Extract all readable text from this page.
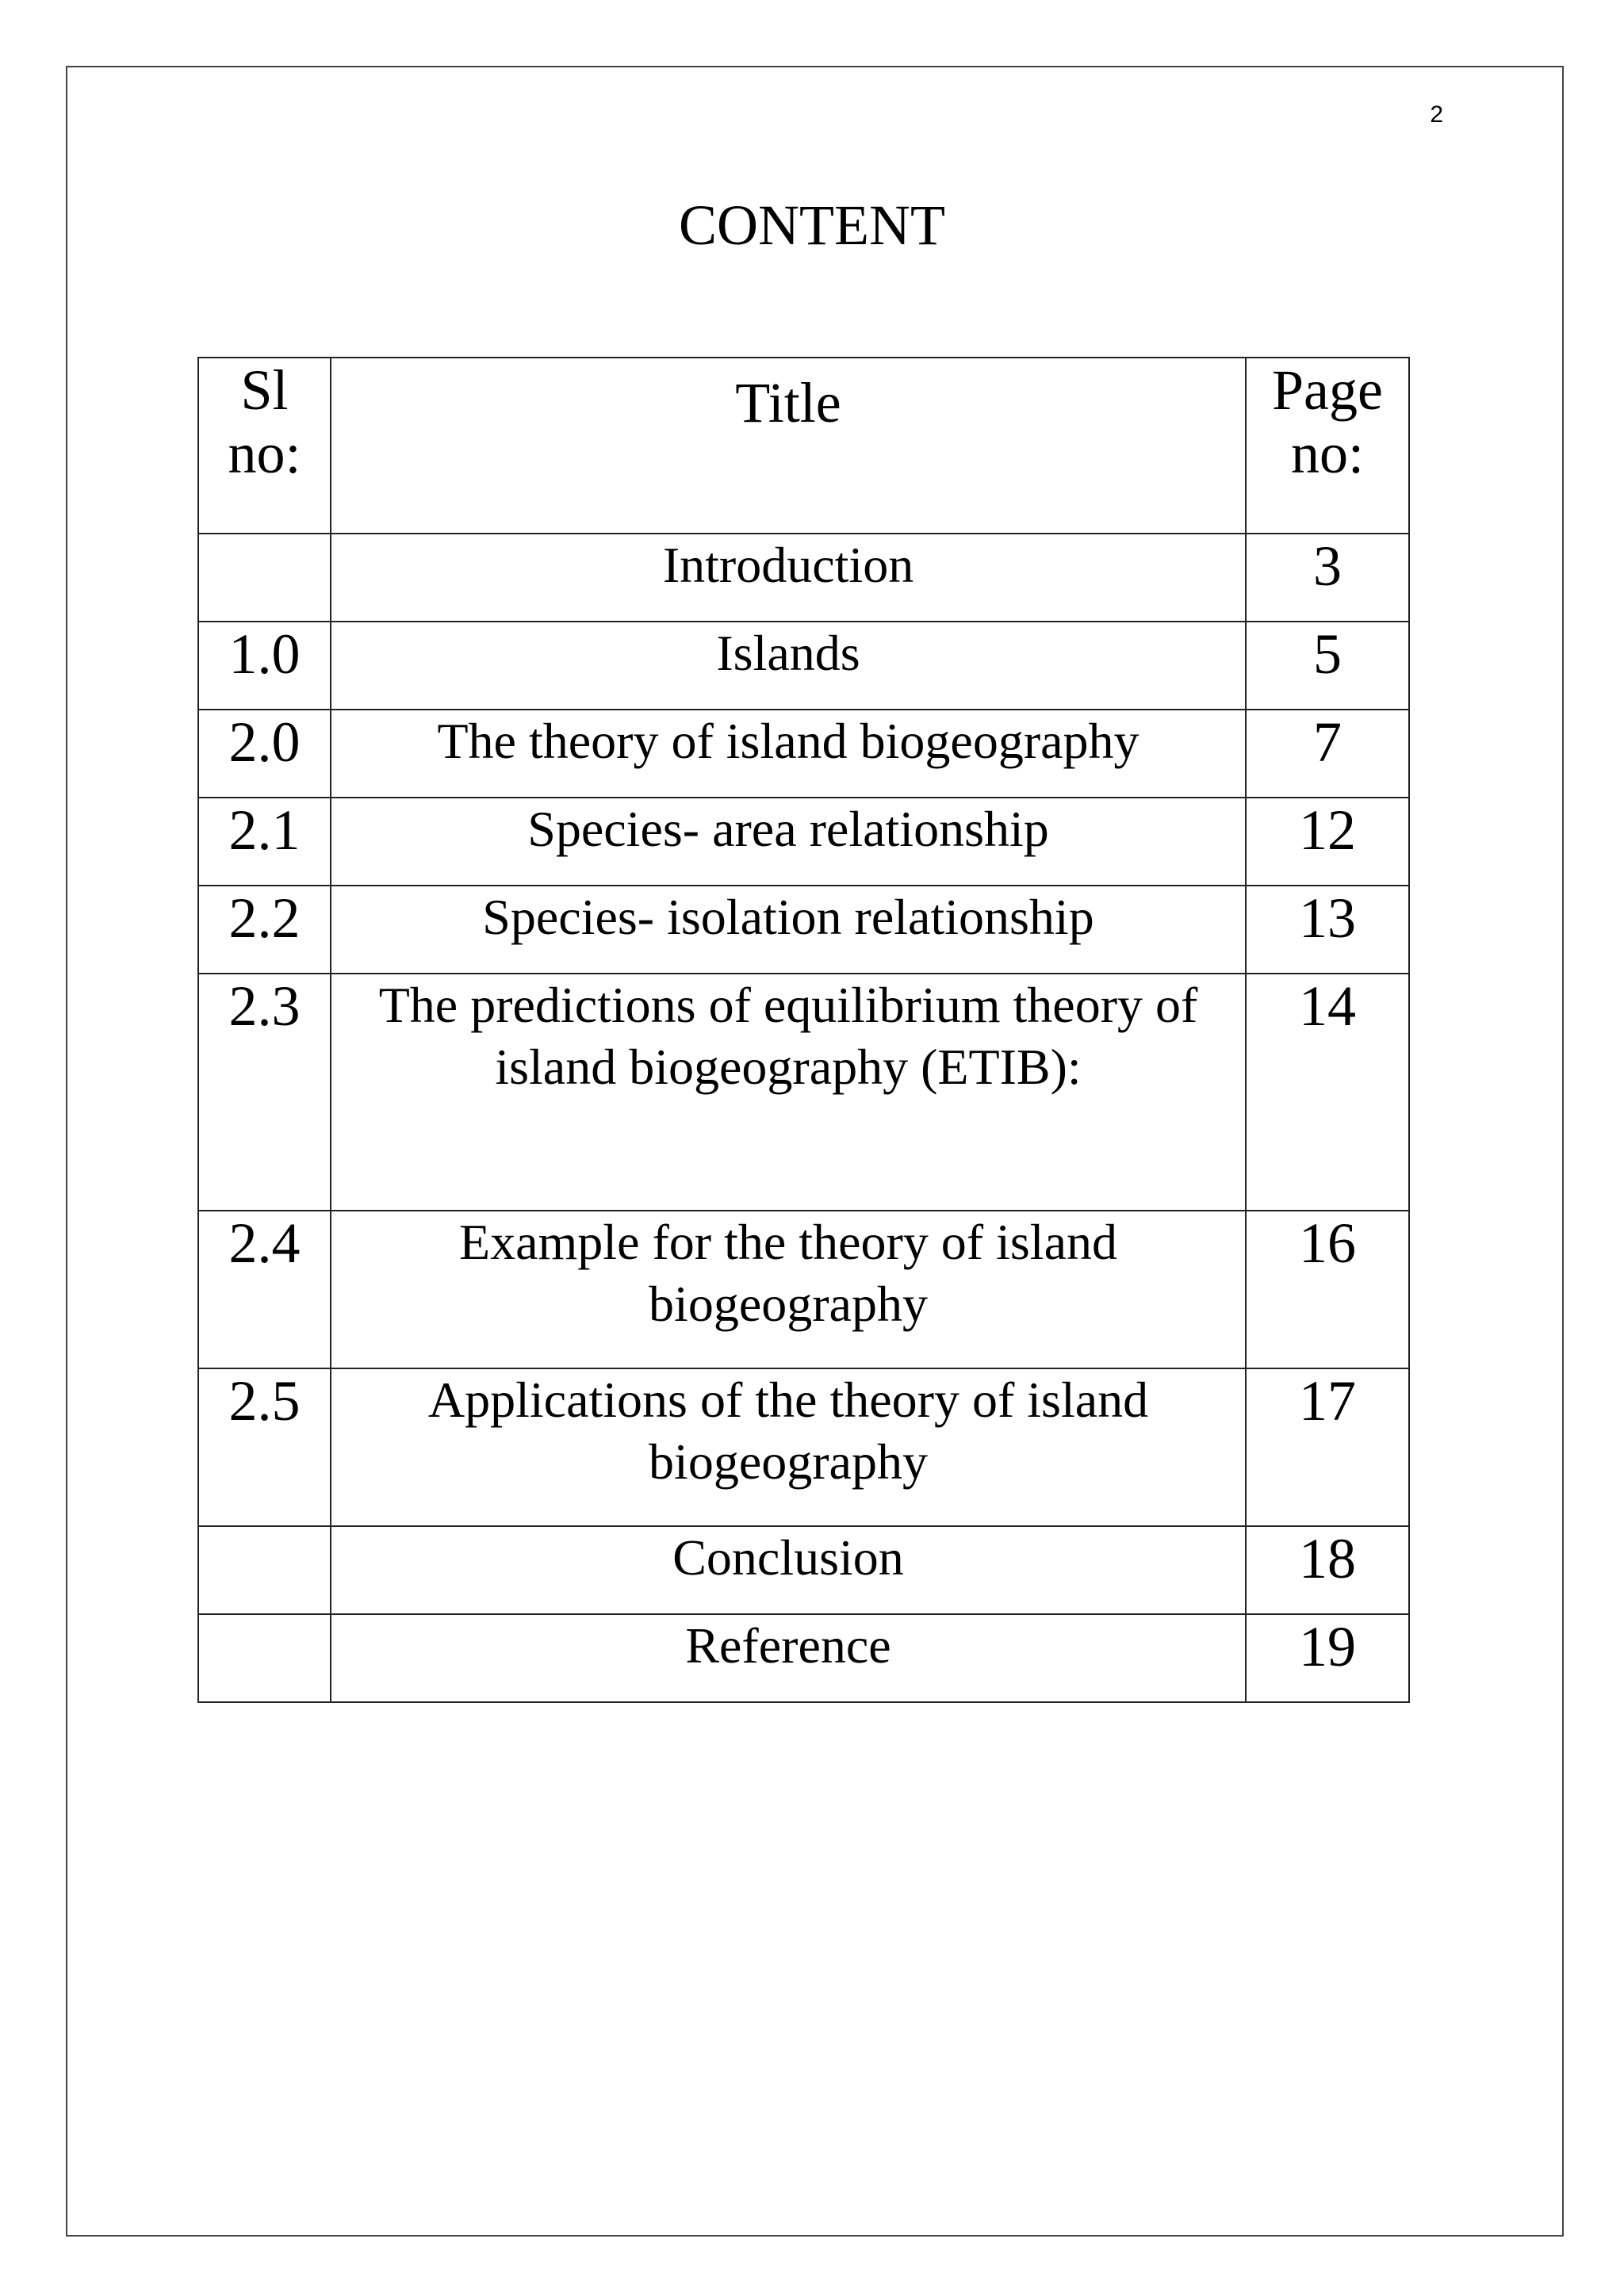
2
CONTENT
Sl no:	Title	Page no:
	Introduction	3
1.0	Islands	5
2.0	The theory of island biogeography	7
2.1	Species- area relationship	12
2.2	Species- isolation relationship	13
2.3	The predictions of equilibrium theory of island biogeography (ETIB):	14
2.4	Example for the theory of island biogeography	16
2.5	Applications of the theory of island biogeography	17
	Conclusion	18
	Reference	19
